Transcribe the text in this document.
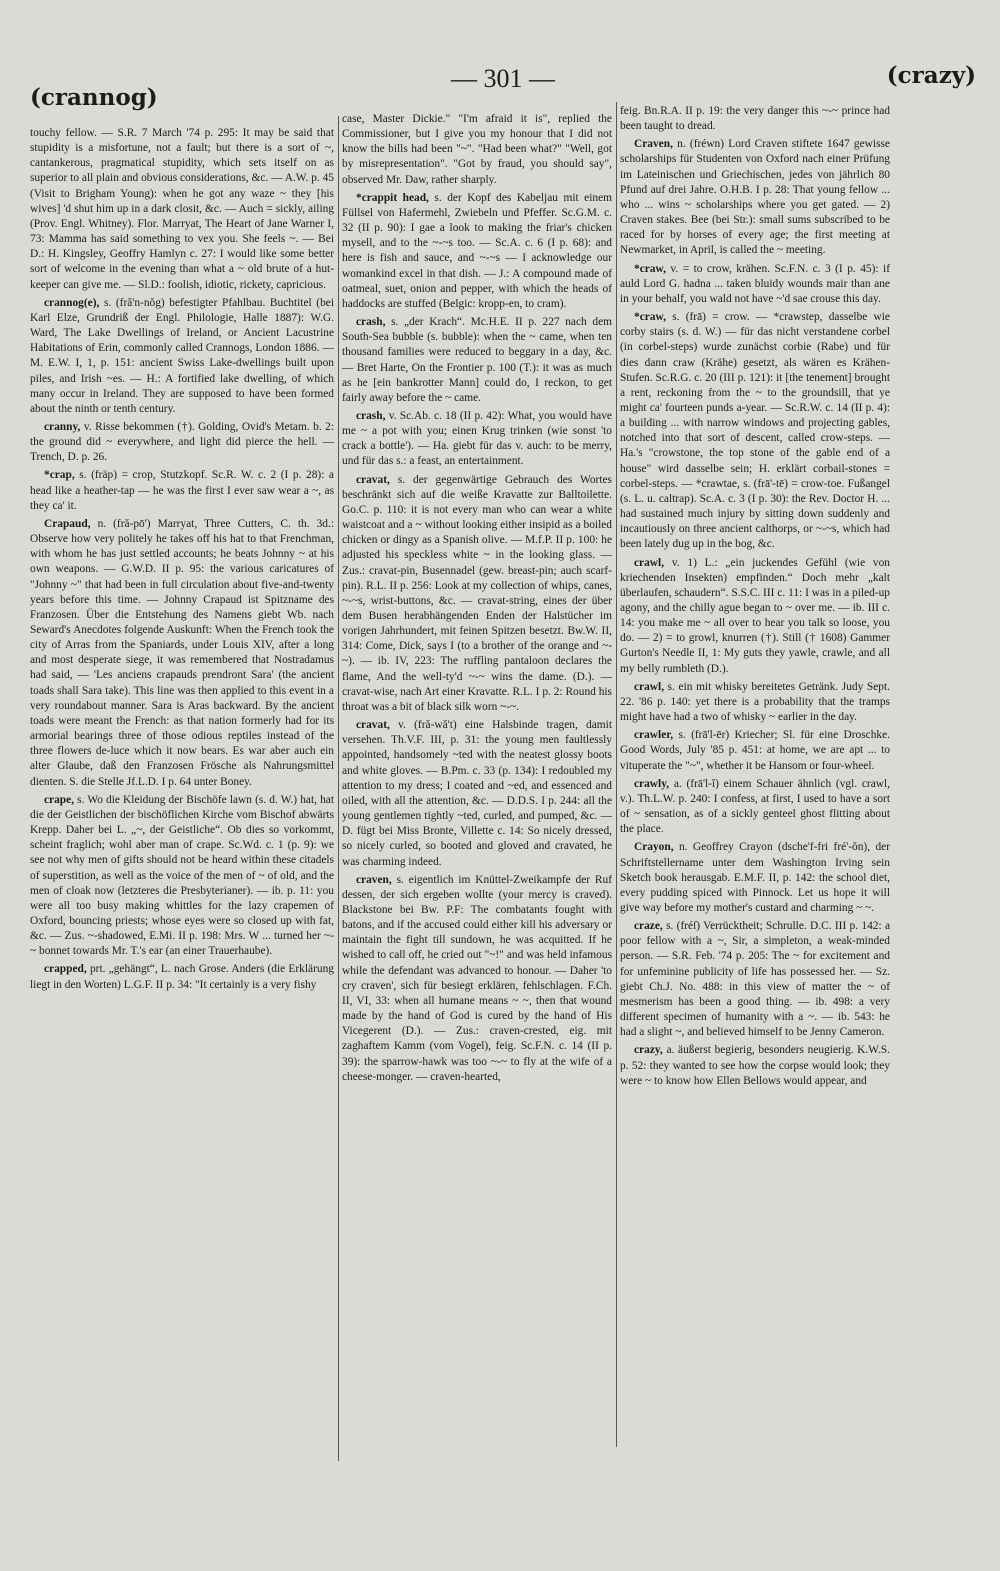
(crannog)
— 301 —	(crazy)

touchy fellow. — S.R. 7 March '74 p. 295: It may be said that stupidity is a misfortune, not a fault; but there is a sort of ~, cantankerous, pragmatical stupidity, which sets itself on as superior to all plain and obvious considerations, &c. — A.W. p. 45 (Visit to Brigham Young): when he got any waze ~ they [his wives] 'd shut him up in a dark closit, &c. — Auch = sickly, ailing (Prov. Engl. Whitney). Flor. Marryat, The Heart of Jane Warner I, 73: Mamma has said something to vex you. She feels ~. — Bei D.: H. Kingsley, Geoffry Hamlyn c. 27: I would like some better sort of welcome in the evening than what a ~ old brute of a hut-keeper can give me. — Sl.D.: foolish, idiotic, rickety, capricious.

crannog(e), s. (fră'n-nŏg) befestigter Pfahlbau. Buchtitel (bei Karl Elze, Grundriß der Engl. Philologie, Halle 1887): W.G. Ward, The Lake Dwellings of Ireland, or Ancient Lacustrine Habitations of Erin, commonly called Crannogs, London 1886. — M. E.W. I, 1, p. 151: ancient Swiss Lake-dwellings built upon piles, and Irish ~es. — H.: A fortified lake dwelling, of which many occur in Ireland. They are supposed to have been formed about the ninth or tenth century.

cranny, v. Risse bekommen (†). Golding, Ovid's Metam. b. 2: the ground did ~ everywhere, and light did pierce the hell. — Trench, D. p. 26.

*crap, s. (fräp) = crop, Stutzkopf. Sc.R. W. c. 2 (I p. 28): a head like a heather-tap — he was the first I ever saw wear a ~, as they ca' it.

Crapaud, n. (fră-pō') Marryat, Three Cutters, C. th. 3d.: Observe how very politely he takes off his hat to that Frenchman, with whom he has just settled accounts; he beats Johnny ~ at his own weapons. — G.W.D. II p. 95: the various caricatures of "Johnny ~" that had been in full circulation about five-and-twenty years before this time. — Johnny Crapaud ist Spitzname des Franzosen. Über die Entstehung des Namens giebt Wb. nach Seward's Anecdotes folgende Auskunft: When the French took the city of Arras from the Spaniards, under Louis XIV, after a long and most desperate siege, it was remembered that Nostradamus had said, — 'Les anciens crapauds prendront Sara' (the ancient toads shall Sara take). This line was then applied to this event in a very roundabout manner. Sara is Aras backward. By the ancient toads were meant the French: as that nation formerly had for its armorial bearings three of those odious reptiles instead of the three flowers de-luce which it now bears. Es war aber auch ein alter Glaube, daß den Franzosen Frösche als Nahrungsmittel dienten. S. die Stelle Jf.L.D. I p. 64 unter Boney.

crape, s. Wo die Kleidung der Bischöfe lawn (s. d. W.) hat, hat die der Geistlichen der bischöflichen Kirche vom Bischof abwärts Krepp. Daher bei L. „~, der Geistliche“. Ob dies so vorkommt, scheint fraglich; wohl aber man of crape. Sc.Wd. c. 1 (p. 9): we see not why men of gifts should not be heard within these citadels of superstition, as well as the voice of the men of ~ of old, and the men of cloak now (letzteres die Presbyterianer). — ib. p. 11: you were all too busy making whittles for the lazy crapemen of Oxford, bouncing priests; whose eyes were so closed up with fat, &c. — Zus. ~-shadowed, E.Mi. II p. 198: Mrs. W ... turned her ~-~ bonnet towards Mr. T.'s ear (an einer Trauerhaube).

crapped, prt. „gehängt“, L. nach Grose. Anders (die Erklärung liegt in den Worten) L.G.F. II p. 34: "It certainly is a very fishy

case, Master Dickie." "I'm afraid it is", replied the Commissioner, but I give you my honour that I did not know the bills had been "~". "Had been what?" "Well, got by misrepresentation". "Got by fraud, you should say", observed Mr. Daw, rather sharply.

*crappit head, s. der Kopf des Kabeljau mit einem Füllsel von Hafermehl, Zwiebeln und Pfeffer. Sc.G.M. c. 32 (II p. 90): I gae a look to making the friar's chicken mysell, and to the ~-~s too. — Sc.A. c. 6 (I p. 68): and here is fish and sauce, and ~-~s — I acknowledge our womankind excel in that dish. — J.: A compound made of oatmeal, suet, onion and pepper, with which the heads of haddocks are stuffed (Belgic: kropp-en, to cram).

crash, s. „der Krach“. Mc.H.E. II p. 227 nach dem South-Sea bubble (s. bubble): when the ~ came, when ten thousand families were reduced to beggary in a day, &c. — Bret Harte, On the Frontier p. 100 (T.): it was as much as he [ein bankrotter Mann] could do, I reckon, to get fairly away before the ~ came.

crash, v. Sc.Ab. c. 18 (II p. 42): What, you would have me ~ a pot with you; einen Krug trinken (wie sonst 'to crack a bottle'). — Ha. giebt für das v. auch: to be merry, und für das s.: a feast, an entertainment.

cravat, s. der gegenwärtige Gebrauch des Wortes beschränkt sich auf die weiße Kravatte zur Balltoilette. Go.C. p. 110: it is not every man who can wear a white waistcoat and a ~ without looking either insipid as a boiled chicken or dingy as a Spanish olive. — M.f.P. II p. 100: he adjusted his speckless white ~ in the looking glass. — Zus.: cravat-pin, Busennadel (gew. breast-pin; auch scarf-pin). R.L. II p. 256: Look at my collection of whips, canes, ~-~s, wrist-buttons, &c. — cravat-string, eines der über dem Busen herabhängenden Enden der Halstücher im vorigen Jahrhundert, mit feinen Spitzen besetzt. Bw.W. II, 314: Come, Dick, says I (to a brother of the orange and ~-~). — ib. IV, 223: The ruffling pantaloon declares the flame, And the well-ty'd ~-~ wins the dame. (D.). — cravat-wise, nach Art einer Kravatte. R.L. I p. 2: Round his throat was a bit of black silk worn ~-~.

cravat, v. (fră-wă't) eine Halsbinde tragen, damit versehen. Th.V.F. III, p. 31: the young men faultlessly appointed, handsomely ~ted with the neatest glossy boots and white gloves. — B.Pm. c. 33 (p. 134): I redoubled my attention to my dress; I coated and ~ed, and essenced and oiled, with all the attention, &c. — D.D.S. I p. 244: all the young gentlemen tightly ~ted, curled, and pumped, &c. — D. fügt bei Miss Bronte, Villette c. 14: So nicely dressed, so nicely curled, so booted and gloved and cravated, he was charming indeed.

craven, s. eigentlich im Knüttel-Zweikampfe der Ruf dessen, der sich ergeben wollte (your mercy is craved). Blackstone bei Bw. P.F: The combatants fought with batons, and if the accused could either kill his adversary or maintain the fight till sundown, he was acquitted. If he wished to call off, he cried out "~!" and was held infamous while the defendant was advanced to honour. — Daher 'to cry craven', sich für besiegt erklären, fehlschlagen. F.Ch. II, VI, 33: when all humane means ~ ~, then that wound made by the hand of God is cured by the hand of His Vicegerent (D.). — Zus.: craven-crested, eig. mit zaghaftem Kamm (vom Vogel), feig. Sc.F.N. c. 14 (II p. 39): the sparrow-hawk was too ~-~ to fly at the wife of a cheese-monger. — craven-hearted,

feig. Bn.R.A. II p. 19: the very danger this ~-~ prince had been taught to dread.

Craven, n. (fréwn) Lord Craven stiftete 1647 gewisse scholarships für Studenten von Oxford nach einer Prüfung im Lateinischen und Griechischen, jedes von jährlich 80 Pfund auf drei Jahre. O.H.B. I p. 28: That young fellow ... who ... wins ~ scholarships where you get gated. — 2) Craven stakes. Bee (bei Str.): small sums subscribed to be raced for by horses of every age; the first meeting at Newmarket, in April, is called the ~ meeting.

*craw, v. = to crow, krähen. Sc.F.N. c. 3 (I p. 45): if auld Lord G. hadna ... taken bluidy wounds mair than ane in your behalf, you wald not have ~'d sae crouse this day.

*craw, s. (frā) = crow. — *crawstep, dasselbe wie corby stairs (s. d. W.) — für das nicht verstandene corbel (in corbel-steps) wurde zunächst corbie (Rabe) und für dies dann craw (Krähe) gesetzt, als wären es Krähen-Stufen. Sc.R.G. c. 20 (III p. 121): it [the tenement] brought a rent, reckoning from the ~ to the groundsill, that ye might ca' fourteen punds a-year. — Sc.R.W. c. 14 (II p. 4): a building ... with narrow windows and projecting gables, notched into that sort of descent, called crow-steps. — Ha.'s "crowstone, the top stone of the gable end of a house" wird dasselbe sein; H. erklärt corbail-stones = corbel-steps. — *crawtae, s. (frā'-tē) = crow-toe. Fußangel (s. L. u. caltrap). Sc.A. c. 3 (I p. 30): the Rev. Doctor H. ... had sustained much injury by sitting down suddenly and incautiously on three ancient calthorps, or ~-~s, which had been lately dug up in the bog, &c.

crawl, v. 1) L.: „ein juckendes Gefühl (wie von kriechenden Insekten) empfinden.“ Doch mehr „kalt überlaufen, schaudern“. S.S.C. III c. 11: I was in a piled-up agony, and the chilly ague began to ~ over me. — ib. III c. 14: you make me ~ all over to hear you talk so loose, you do. — 2) = to growl, knurren (†). Still († 1608) Gammer Gurton's Needle II, 1: My guts they yawle, crawle, and all my belly rumbleth (D.).

crawl, s. ein mit whisky bereitetes Getränk. Judy Sept. 22. '86 p. 140: yet there is a probability that the tramps might have had a two of whisky ~ earlier in the day.

crawler, s. (frā'l-ēr) Kriecher; Sl. für eine Droschke. Good Words, July '85 p. 451: at home, we are apt ... to vituperate the "~", whether it be Hansom or four-wheel.

crawly, a. (frā'l-ĭ) einem Schauer ähnlich (vgl. crawl, v.). Th.L.W. p. 240: I confess, at first, I used to have a sort of ~ sensation, as of a sickly genteel ghost flitting about the place.

Crayon, n. Geoffrey Crayon (dsche'f-fri fré'-ŏn), der Schriftstellername unter dem Washington Irving sein Sketch book herausgab. E.M.F. II, p. 142: the school diet, every pudding spiced with Pinnock. Let us hope it will give way before my mother's custard and charming ~ ~.

craze, s. (fréſ) Verrücktheit; Schrulle. D.C. III p. 142: a poor fellow with a ~, Sir, a simpleton, a weak-minded person. — S.R. Feb. '74 p. 205: The ~ for excitement and for unfeminine publicity of life has possessed her. — Sz. giebt Ch.J. No. 488: in this view of matter the ~ of mesmerism has been a good thing. — ib. 498: a very different specimen of humanity with a ~. — ib. 543: he had a slight ~, and believed himself to be Jenny Cameron.

crazy, a. äußerst begierig, besonders neugierig. K.W.S. p. 52: they wanted to see how the corpse would look; they were ~ to know how Ellen Bellows would appear, and
